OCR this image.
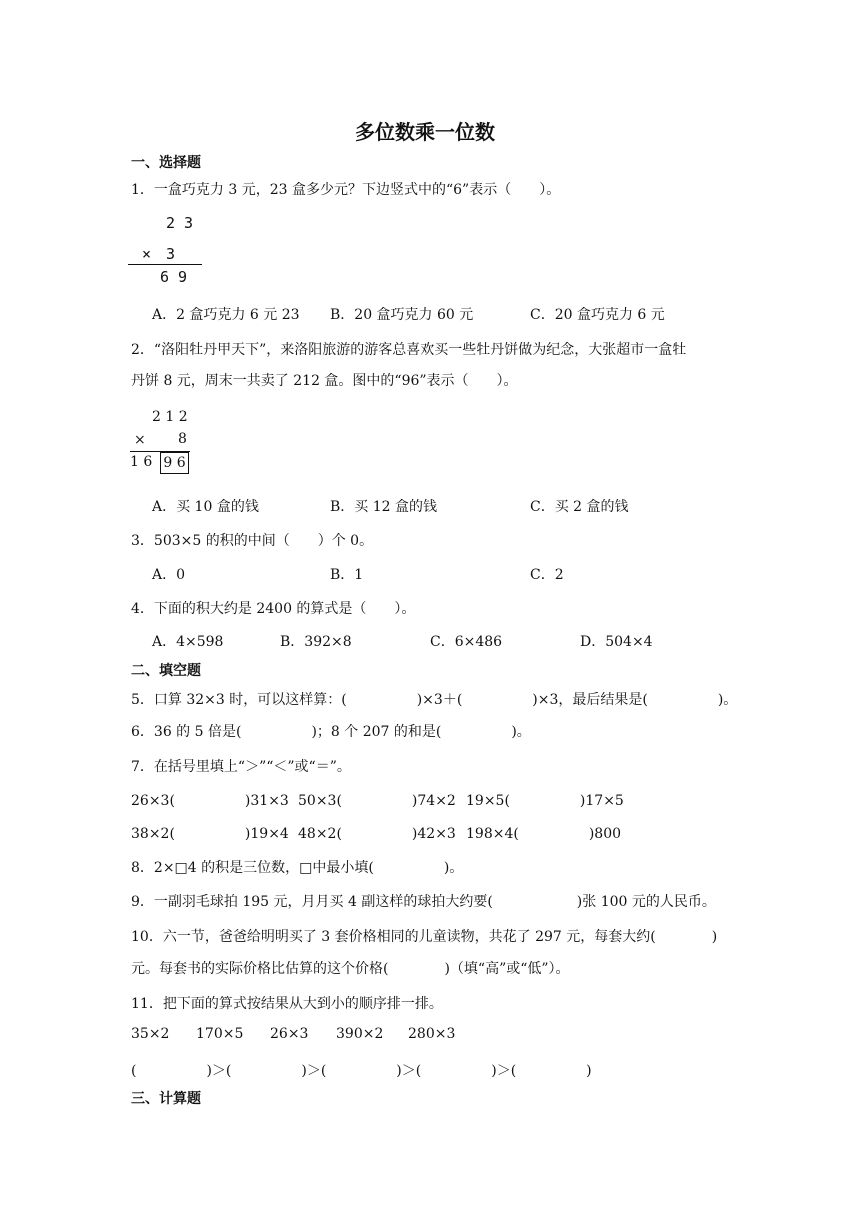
多位数乘一位数
一、选择题
1．一盒巧克力 3 元，23 盒多少元？下边竖式中的“6”表示（　　）。
2 3
×　3
6 9
A．2 盒巧克力 6 元 23 B．20 盒巧克力 60 元	C．20 盒巧克力 6 元
2．“洛阳牡丹甲天下”，来洛阳旅游的游客总喜欢买一些牡丹饼做为纪念，大张超市一盒牡
丹饼 8 元，周末一共卖了 212 盒。图中的“96”表示（　　）。
2 1 2
× 8
1 6 9 6
A．买 10 盒的钱	B．买 12 盒的钱	C．买 2 盒的钱
3．503×5 的积的中间（　　）个 0。
A．0	B．1	C．2
4．下面的积大约是 2400 的算式是（　　）。
A．4×598	B．392×8	C．6×486	D．504×4
二、填空题
5．口算 32×3 时，可以这样算：(　　　　　)×3＋(　　　　　)×3，最后结果是(　　　　　)。
6．36 的 5 倍是(　　　　　)；8 个 207 的和是(　　　　　)。
7．在括号里填上“＞”“＜”或“＝”。
26×3(　　　　　)31×3 50×3(　　　　　)74×2 19×5(　　　　　)17×5
38×2(　　　　　)19×4 48×2(　　　　　)42×3 198×4(　　　　　)800
8．2×□4 的积是三位数，□中最小填(　　　　　)。
9．一副羽毛球拍 195 元，月月买 4 副这样的球拍大约要(　　　　　　)张 100 元的人民币。
10．六一节，爸爸给明明买了 3 套价格相同的儿童读物，共花了 297 元，每套大约(　　　　)
元。每套书的实际价格比估算的这个价格(　　　　)（填“高”或“低”）。
11．把下面的算式按结果从大到小的顺序排一排。
35×2 170×5 26×3 390×2 280×3
(　　　　　)＞(　　　　　)＞(　　　　　)＞(　　　　　)＞(　　　　　)
三、计算题
